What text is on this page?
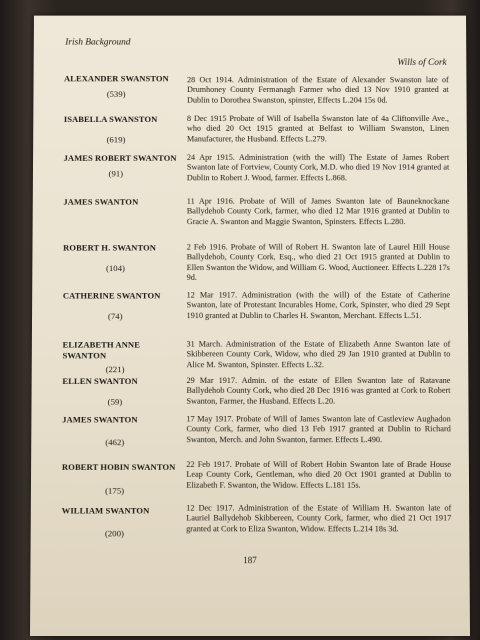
Irish Background
Wills of Cork
ALEXANDER SWANSTON
(539)
28 Oct 1914. Administration of the Estate of Alexander Swanston late of Drumhoney County Fermanagh Farmer who died 13 Nov 1910 granted at Dublin to Dorothea Swanston, spinster, Effects L.204 15s 0d.
ISABELLA SWANSTON
(619)
8 Dec 1915 Probate of Will of Isabella Swanston late of 4a Cliftonville Ave., who died 20 Oct 1915 granted at Belfast to William Swanston, Linen Manufacturer, the Husband. Effects L.279.
JAMES ROBERT SWANTON
(91)
24 Apr 1915. Administration (with the will) The Estate of James Robert Swanton late of Fortview, County Cork, M.D. who died 19 Nov 1914 granted at Dublin to Robert J. Wood, farmer. Effects L.868.
JAMES SWANTON	11 Apr 1916. Probate of Will of James Swanton late of Bauneknockane Ballydehob County Cork, farmer, who died 12 Mar 1916 granted at Dublin to Gracie A. Swanton and Maggie Swanton, Spinsters. Effects L.280.
ROBERT H. SWANTON
(104)
2 Feb 1916. Probate of Will of Robert H. Swanton late of Laurel Hill House Ballydehob, County Cork, Esq., who died 21 Oct 1915 granted at Dublin to Ellen Swanton the Widow, and William G. Wood, Auctioneer. Effects L.228 17s 9d.
CATHERINE SWANTON
(74)
12 Mar 1917. Administration (with the will) of the Estate of Catherine Swanton, late of Protestant Incurables Home, Cork, Spinster, who died 29 Sept 1910 granted at Dublin to Charles H. Swanton, Merchant. Effects L.51.
ELIZABETH ANNE SWANTON
(221)
31 March. Administration of the Estate of Elizabeth Anne Swanton late of Skibbereen County Cork, Widow, who died 29 Jan 1910 granted at Dublin to Alice M. Swanton, Spinster. Effects L.32.
ELLEN SWANTON
(59)
29 Mar 1917. Admin. of the estate of Ellen Swanton late of Ratavane Ballydehob County Cork, who died 28 Dec 1916 was granted at Cork to Robert Swanton, Farmer, the Husband. Effects L.20.
JAMES SWANTON
(462)
17 May 1917. Probate of Will of James Swanton late of Castleview Aughadon County Cork, farmer, who died 13 Feb 1917 granted at Dublin to Richard Swanton, Merch. and John Swanton, farmer. Effects L.490.
ROBERT HOBIN SWANTON
(175)
22 Feb 1917. Probate of Will of Robert Hobin Swanton late of Brade House Leap County Cork, Gentleman, who died 20 Oct 1901 granted at Dublin to Elizabeth F. Swanton, the Widow. Effects L.181 15s.
WILLIAM SWANTON
(200)
12 Dec 1917. Administration of the Estate of William H. Swanton late of Lauriel Ballydehob Skibbereen, County Cork, farmer, who died 21 Oct 1917 granted at Cork to Eliza Swanton, Widow. Effects L.214 18s 3d.
187
